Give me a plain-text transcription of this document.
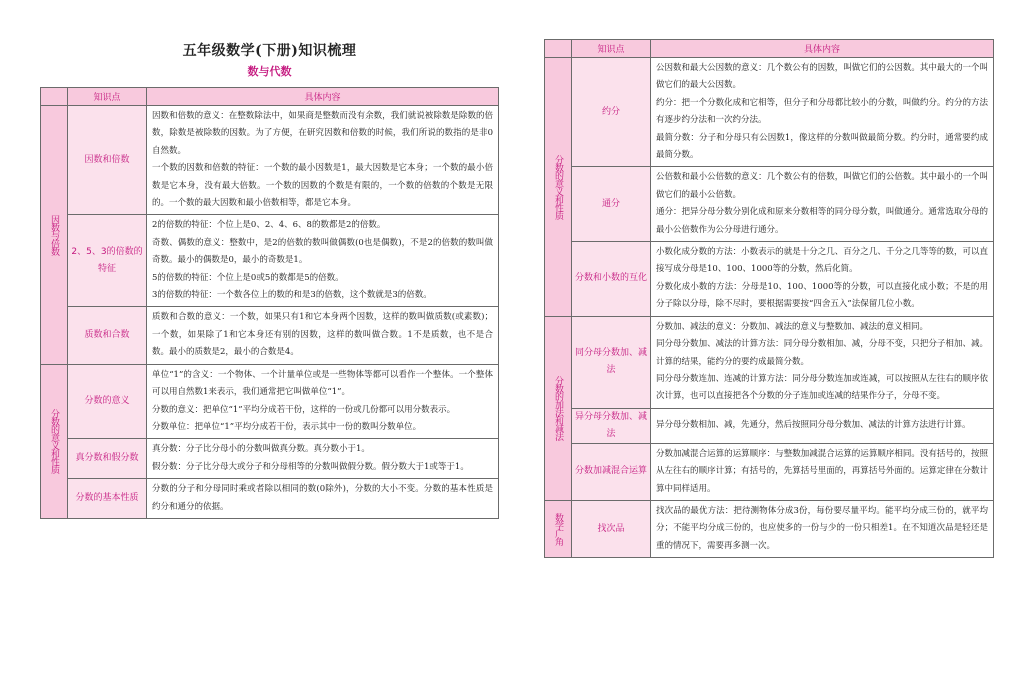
五年级数学(下册)知识梳理
数与代数
	知识点	具体内容

因数与倍数	因数和倍数	因数和倍数的意义：在整数除法中，如果商是整数而没有余数，我们就说被除数是除数的倍数，除数是被除数的因数。为了方便，在研究因数和倍数的时候，我们所说的数指的是非0自然数。

一个数的因数和倍数的特征：一个数的最小因数是1，最大因数是它本身；一个数的最小倍数是它本身，没有最大倍数。一个数的因数的个数是有限的，一个数的倍数的个数是无限的。一个数的最大因数和最小倍数相等，都是它本身。

	2、5、3的倍数的特征	2的倍数的特征：个位上是0、2、4、6、8的数都是2的倍数。

奇数、偶数的意义：整数中，是2的倍数的数叫做偶数(0也是偶数)，不是2的倍数的数叫做奇数。最小的偶数是0，最小的奇数是1。

5的倍数的特征：个位上是0或5的数都是5的倍数。

3的倍数的特征：一个数各位上的数的和是3的倍数，这个数就是3的倍数。

	质数和合数	质数和合数的意义：一个数，如果只有1和它本身两个因数，这样的数叫做质数(或素数)；一个数，如果除了1和它本身还有别的因数，这样的数叫做合数。1不是质数，也不是合数。最小的质数是2，最小的合数是4。

分数的意义和性质	分数的意义	单位“1”的含义：一个物体、一个计量单位或是一些物体等都可以看作一个整体。一个整体可以用自然数1来表示，我们通常把它叫做单位“1”。

分数的意义：把单位“1”平均分成若干份，这样的一份或几份都可以用分数表示。

分数单位：把单位“1”平均分成若干份，表示其中一份的数叫分数单位。

	真分数和假分数	真分数：分子比分母小的分数叫做真分数。真分数小于1。

假分数：分子比分母大或分子和分母相等的分数叫做假分数。假分数大于1或等于1。

	分数的基本性质	分数的分子和分母同时乘或者除以相同的数(0除外)，分数的大小不变。分数的基本性质是约分和通分的依据。

	知识点	具体内容

分数的意义和性质	约分	公因数和最大公因数的意义：几个数公有的因数，叫做它们的公因数。其中最大的一个叫做它们的最大公因数。

约分：把一个分数化成和它相等，但分子和分母都比较小的分数，叫做约分。约分的方法有逐步约分法和一次约分法。

最简分数：分子和分母只有公因数1，像这样的分数叫做最简分数。约分时，通常要约成最简分数。

	通分	公倍数和最小公倍数的意义：几个数公有的倍数，叫做它们的公倍数。其中最小的一个叫做它们的最小公倍数。

通分：把异分母分数分别化成和原来分数相等的同分母分数，叫做通分。通常选取分母的最小公倍数作为公分母进行通分。

	分数和小数的互化	小数化成分数的方法：小数表示的就是十分之几、百分之几、千分之几等等的数，可以直接写成分母是10、100、1000等的分数，然后化简。

分数化成小数的方法：分母是10、100、1000等的分数，可以直接化成小数；不是的用分子除以分母，除不尽时，要根据需要按“四舍五入”法保留几位小数。

分数的加法和减法	同分母分数加、减法	分数加、减法的意义：分数加、减法的意义与整数加、减法的意义相同。

同分母分数加、减法的计算方法：同分母分数相加、减，分母不变，只把分子相加、减。计算的结果，能约分的要约成最简分数。

同分母分数连加、连减的计算方法：同分母分数连加或连减，可以按照从左往右的顺序依次计算，也可以直接把各个分数的分子连加或连减的结果作分子，分母不变。

	异分母分数加、减法	异分母分数相加、减，先通分，然后按照同分母分数加、减法的计算方法进行计算。

	分数加减混合运算	分数加减混合运算的运算顺序：与整数加减混合运算的运算顺序相同。没有括号的，按照从左往右的顺序计算；有括号的，先算括号里面的，再算括号外面的。运算定律在分数计算中同样适用。

数学广角	找次品	找次品的最优方法：把待测物体分成3份，每份要尽量平均。能平均分成三份的，就平均分；不能平均分成三份的，也应使多的一份与少的一份只相差1。在不知道次品是轻还是重的情况下，需要再多测一次。
